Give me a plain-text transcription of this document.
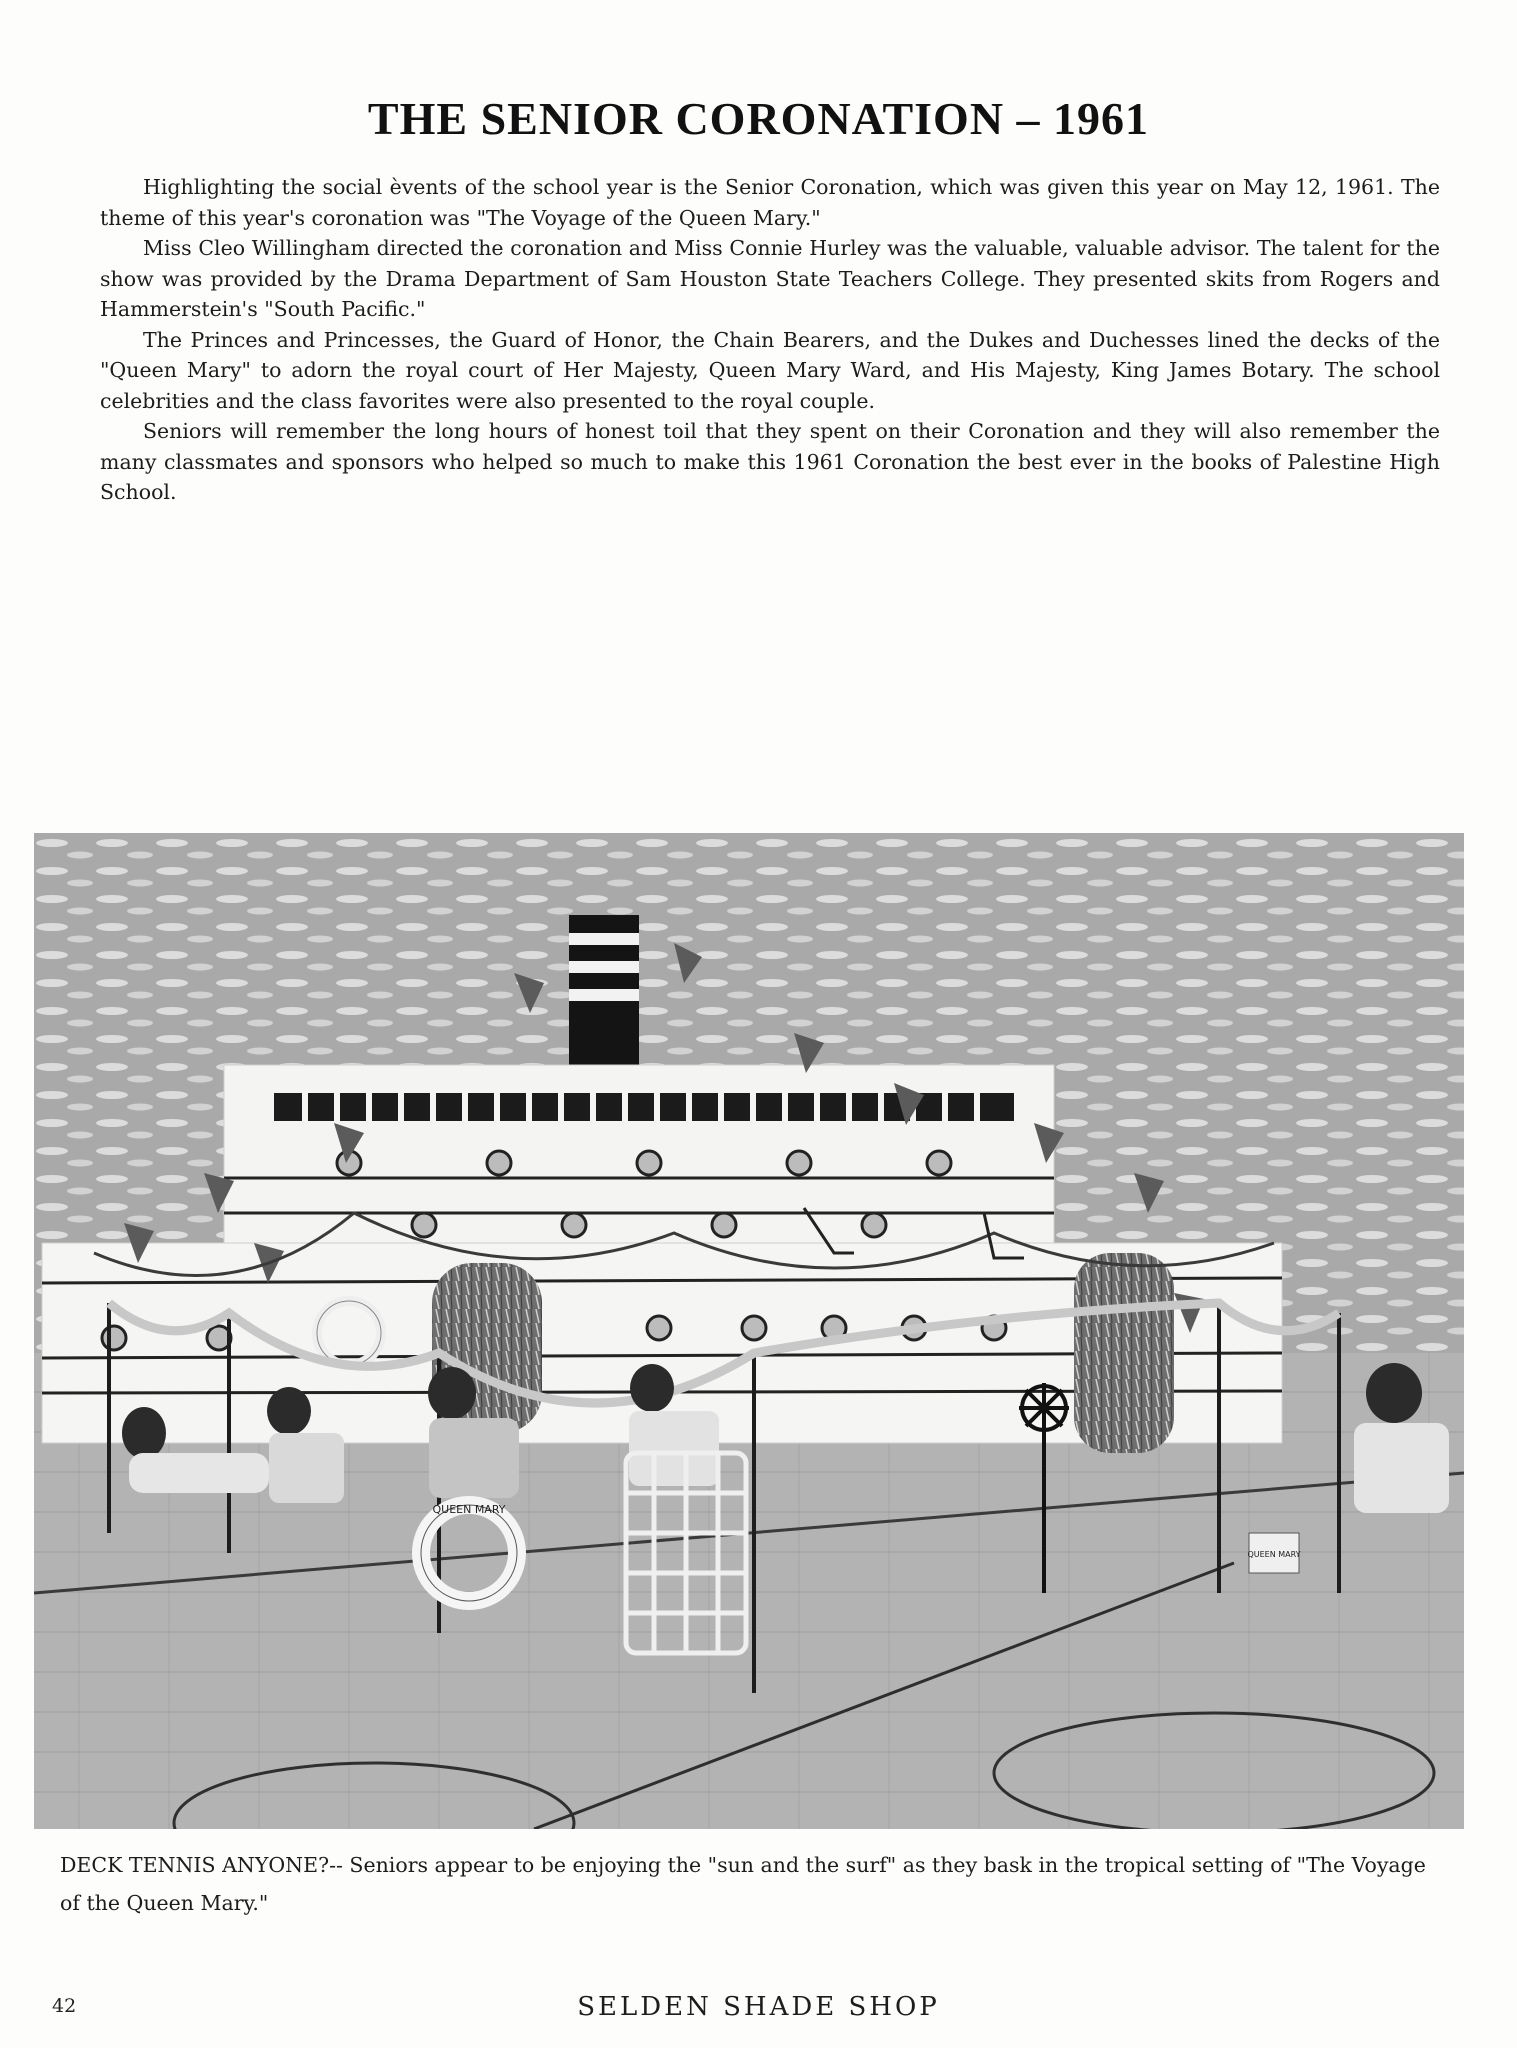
THE SENIOR CORONATION – 1961

Highlighting the social èvents of the school year is the Senior Coronation, which was given this year on May 12, 1961. The theme of this year's coronation was "The Voyage of the Queen Mary."

Miss Cleo Willingham directed the coronation and Miss Connie Hurley was the valuable, valuable advisor. The talent for the show was provided by the Drama Department of Sam Houston State Teachers College. They presented skits from Rogers and Hammerstein's "South Pacific."

The Princes and Princesses, the Guard of Honor, the Chain Bearers, and the Dukes and Duchesses lined the decks of the "Queen Mary" to adorn the royal court of Her Majesty, Queen Mary Ward, and His Majesty, King James Botary. The school celebrities and the class favorites were also presented to the royal couple.

Seniors will remember the long hours of honest toil that they spent on their Coronation and they will also remember the many classmates and sponsors who helped so much to make this 1961 Coronation the best ever in the books of Palestine High School.

QUEEN MARY
QUEEN MARY

DECK TENNIS ANYONE?-- Seniors appear to be enjoying the "sun and the surf" as they bask in the tropical setting of "The Voyage of the Queen Mary."

42	SELDEN SHADE SHOP
